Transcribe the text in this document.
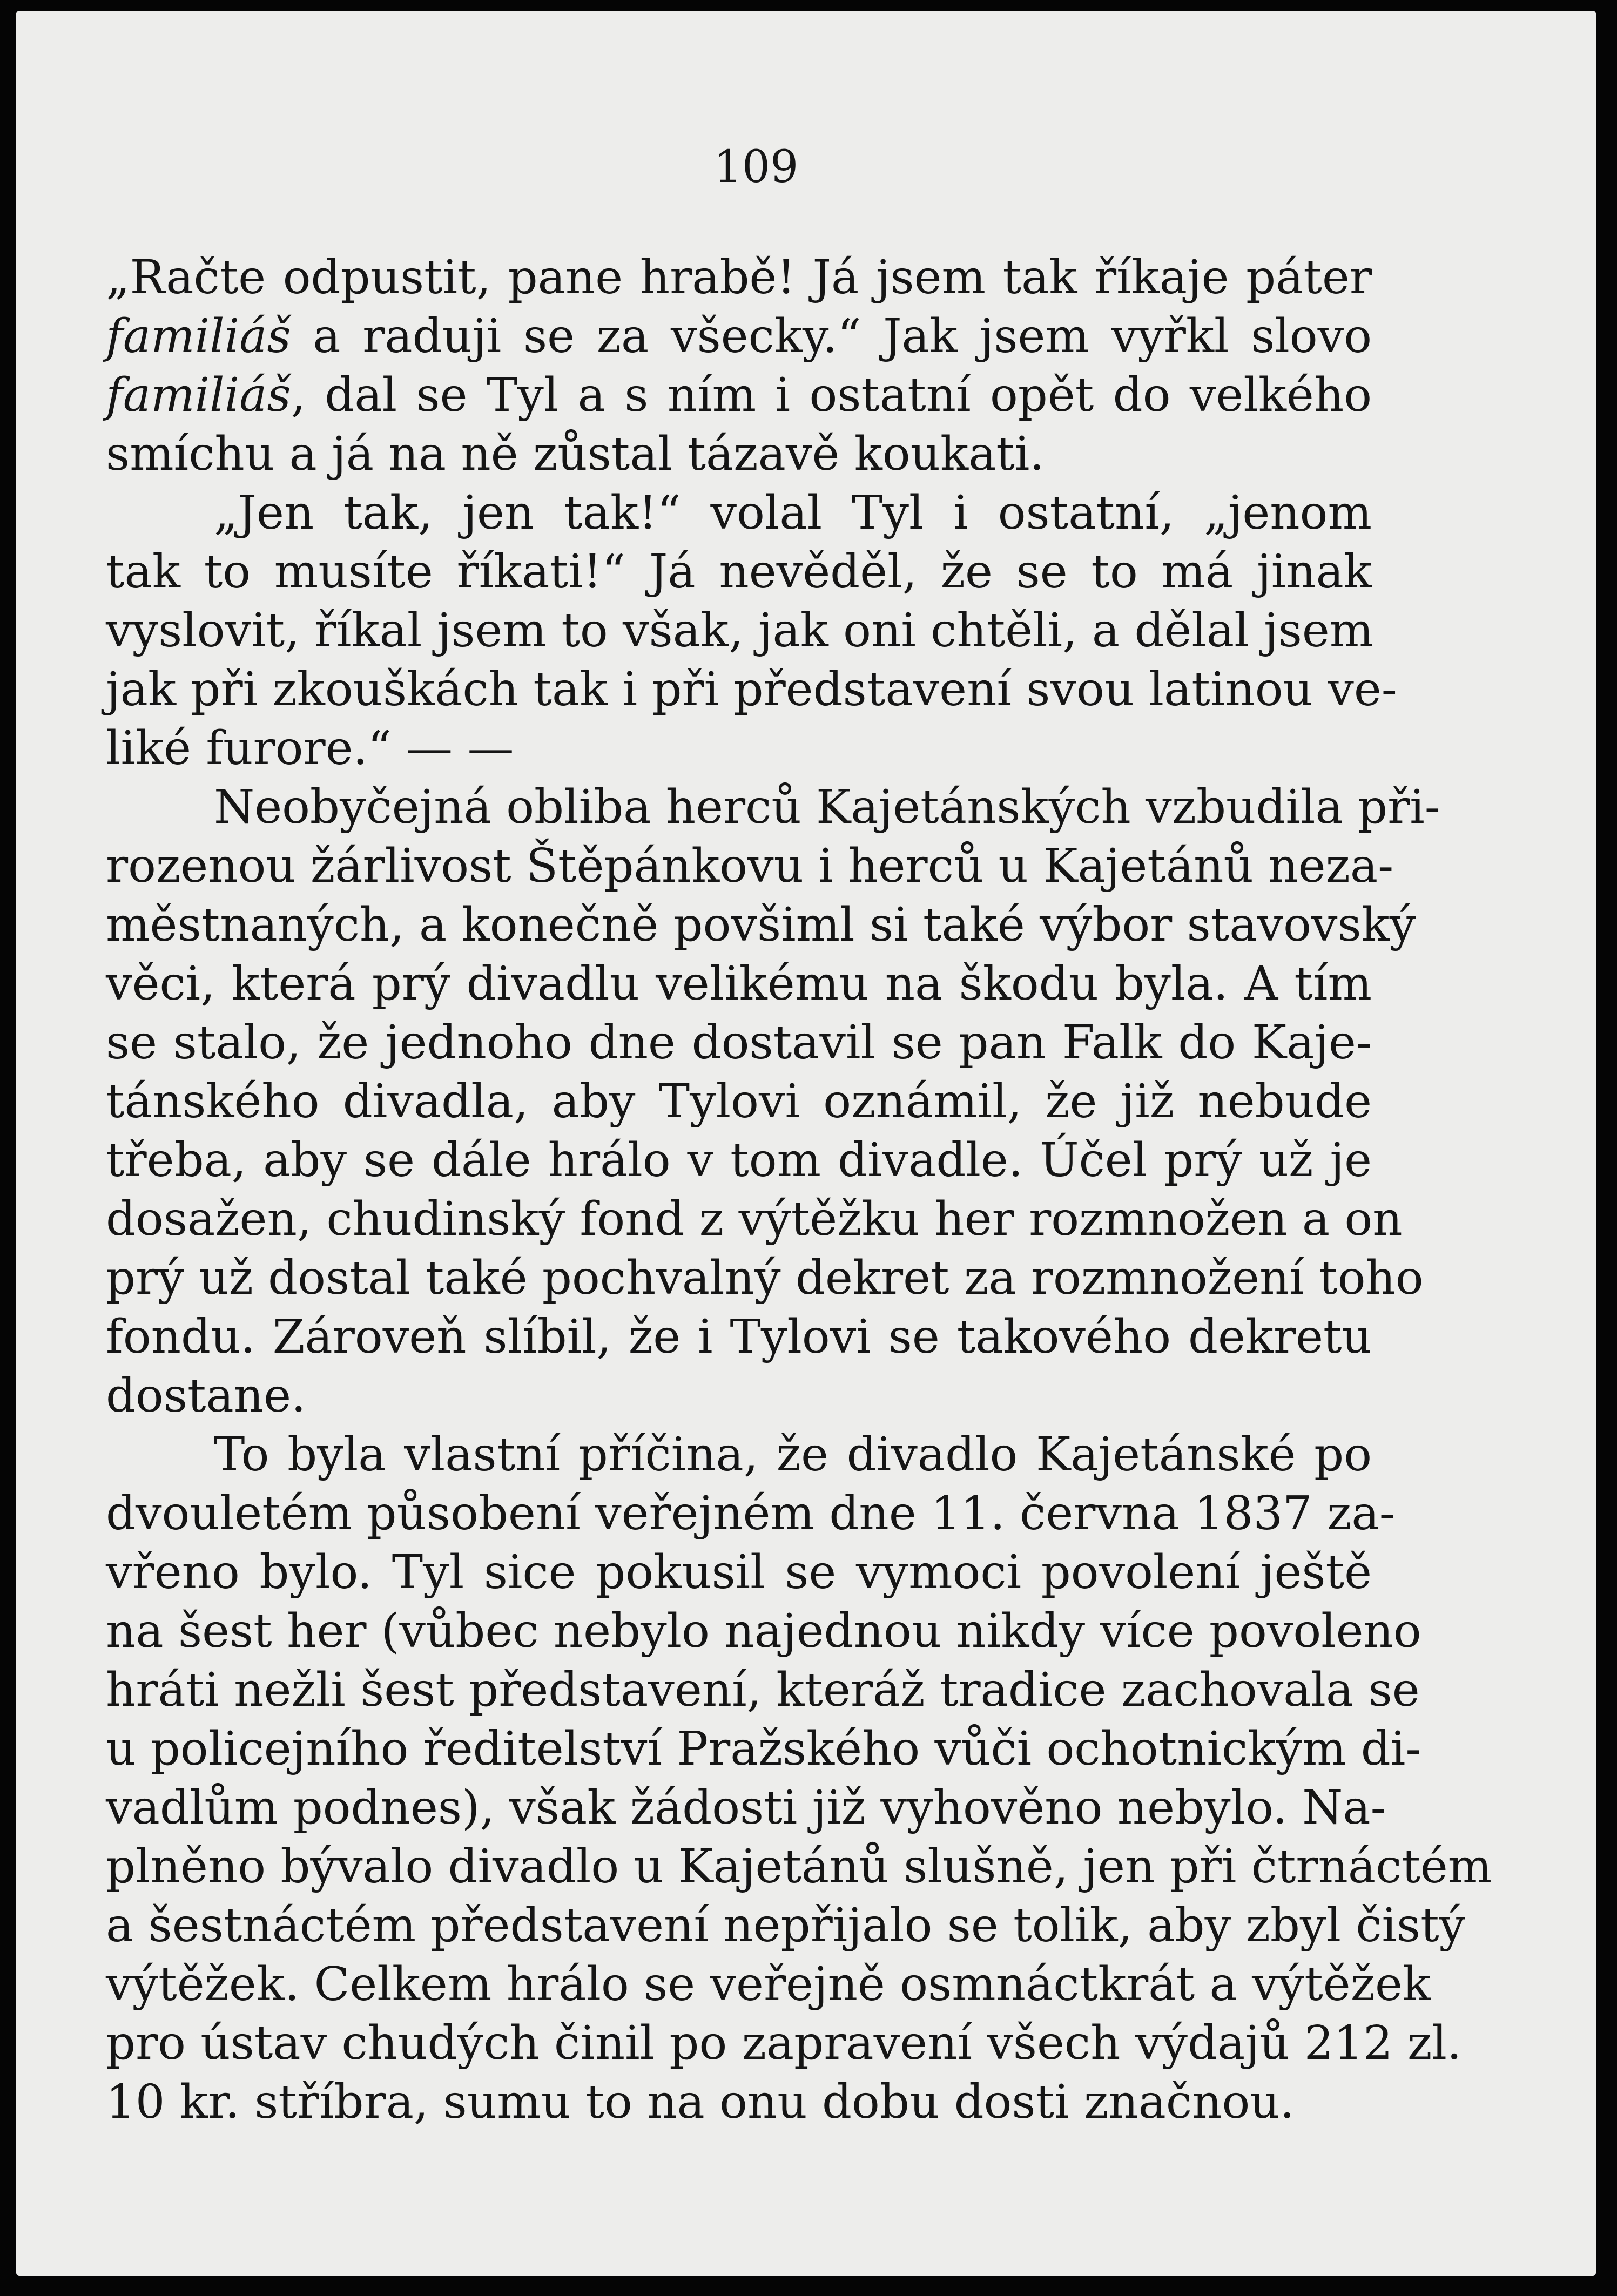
109
„Račte odpustit, pane hrabě! Já jsem tak říkaje páter
familiáš a raduji se za všecky.“ Jak jsem vyřkl slovo
familiáš, dal se Tyl a s ním i ostatní opět do velkého
smíchu a já na ně zůstal tázavě koukati.
„Jen tak, jen tak!“ volal Tyl i ostatní, „jenom
tak to musíte říkati!“ Já nevěděl, že se to má jinak
vyslovit, říkal jsem to však, jak oni chtěli, a dělal jsem
jak při zkouškách tak i při představení svou latinou ve-
liké furore.“ — —
Neobyčejná obliba herců Kajetánských vzbudila při-
rozenou žárlivost Štěpánkovu i herců u Kajetánů neza-
městnaných, a konečně povšiml si také výbor stavovský
věci, která prý divadlu velikému na škodu byla. A tím
se stalo, že jednoho dne dostavil se pan Falk do Kaje-
tánského divadla, aby Tylovi oznámil, že již nebude
třeba, aby se dále hrálo v tom divadle. Účel prý už je
dosažen, chudinský fond z výtěžku her rozmnožen a on
prý už dostal také pochvalný dekret za rozmnožení toho
fondu. Zároveň slíbil, že i Tylovi se takového dekretu
dostane.
To byla vlastní příčina, že divadlo Kajetánské po
dvouletém působení veřejném dne 11. června 1837 za-
vřeno bylo. Tyl sice pokusil se vymoci povolení ještě
na šest her (vůbec nebylo najednou nikdy více povoleno
hráti nežli šest představení, kteráž tradice zachovala se
u policejního ředitelství Pražského vůči ochotnickým di-
vadlům podnes), však žádosti již vyhověno nebylo. Na-
plněno bývalo divadlo u Kajetánů slušně, jen při čtrnáctém
a šestnáctém představení nepřijalo se tolik, aby zbyl čistý
výtěžek. Celkem hrálo se veřejně osmnáctkrát a výtěžek
pro ústav chudých činil po zapravení všech výdajů 212 zl.
10 kr. stříbra, sumu to na onu dobu dosti značnou.
